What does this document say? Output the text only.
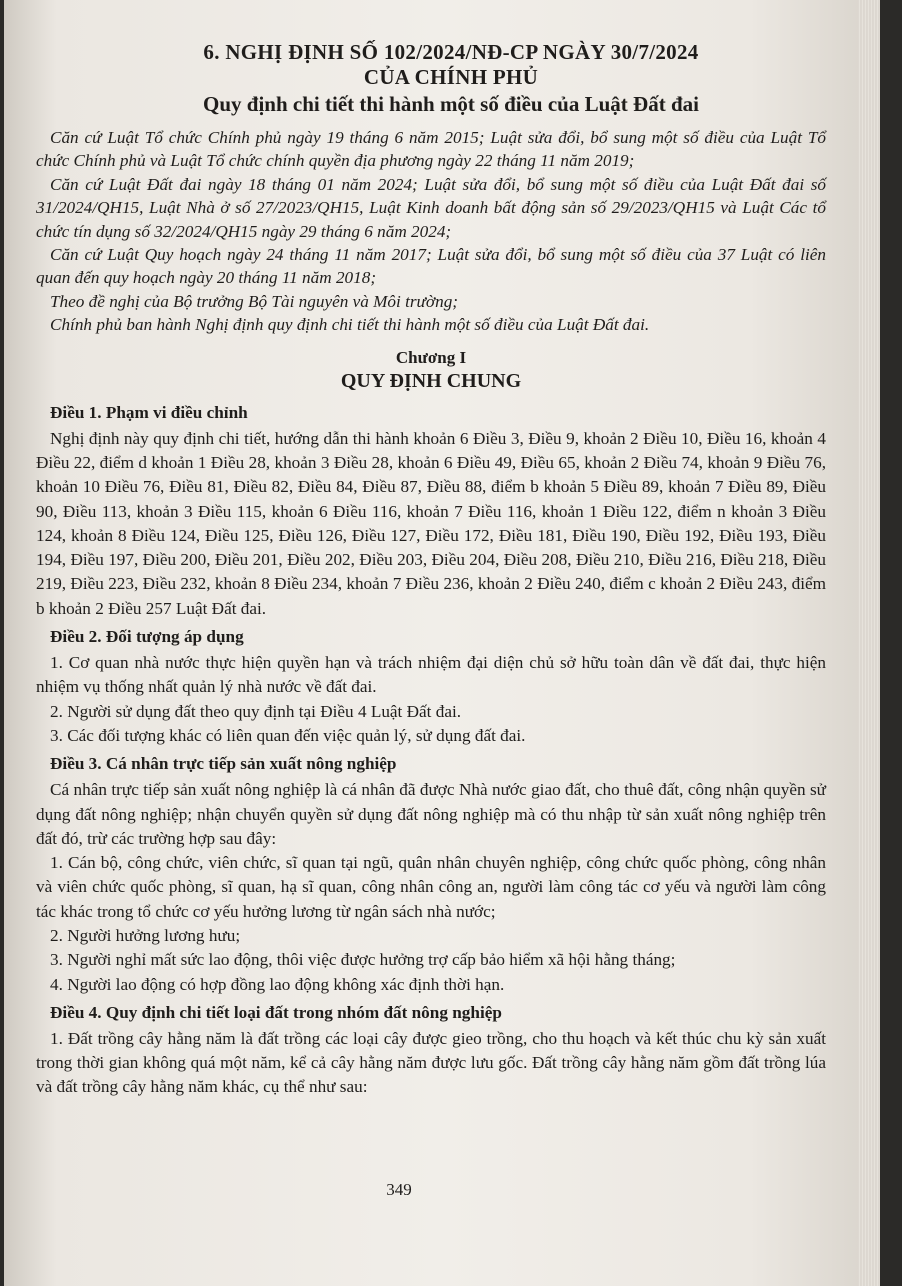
6. NGHỊ ĐỊNH SỐ 102/2024/NĐ-CP NGÀY 30/7/2024
CỦA CHÍNH PHỦ
Quy định chi tiết thi hành một số điều của Luật Đất đai

Căn cứ Luật Tổ chức Chính phủ ngày 19 tháng 6 năm 2015; Luật sửa đổi, bổ sung một số điều của Luật Tổ chức Chính phủ và Luật Tổ chức chính quyền địa phương ngày 22 tháng 11 năm 2019;

Căn cứ Luật Đất đai ngày 18 tháng 01 năm 2024; Luật sửa đổi, bổ sung một số điều của Luật Đất đai số 31/2024/QH15, Luật Nhà ở số 27/2023/QH15, Luật Kinh doanh bất động sản số 29/2023/QH15 và Luật Các tổ chức tín dụng số 32/2024/QH15 ngày 29 tháng 6 năm 2024;

Căn cứ Luật Quy hoạch ngày 24 tháng 11 năm 2017; Luật sửa đổi, bổ sung một số điều của 37 Luật có liên quan đến quy hoạch ngày 20 tháng 11 năm 2018;

Theo đề nghị của Bộ trưởng Bộ Tài nguyên và Môi trường;

Chính phủ ban hành Nghị định quy định chi tiết thi hành một số điều của Luật Đất đai.

Chương I
QUY ĐỊNH CHUNG
Điều 1. Phạm vi điều chỉnh

Nghị định này quy định chi tiết, hướng dẫn thi hành khoản 6 Điều 3, Điều 9, khoản 2 Điều 10, Điều 16, khoản 4 Điều 22, điểm d khoản 1 Điều 28, khoản 3 Điều 28, khoản 6 Điều 49, Điều 65, khoản 2 Điều 74, khoản 9 Điều 76, khoản 10 Điều 76, Điều 81, Điều 82, Điều 84, Điều 87, Điều 88, điểm b khoản 5 Điều 89, khoản 7 Điều 89, Điều 90, Điều 113, khoản 3 Điều 115, khoản 6 Điều 116, khoản 7 Điều 116, khoản 1 Điều 122, điểm n khoản 3 Điều 124, khoản 8 Điều 124, Điều 125, Điều 126, Điều 127, Điều 172, Điều 181, Điều 190, Điều 192, Điều 193, Điều 194, Điều 197, Điều 200, Điều 201, Điều 202, Điều 203, Điều 204, Điều 208, Điều 210, Điều 216, Điều 218, Điều 219, Điều 223, Điều 232, khoản 8 Điều 234, khoản 7 Điều 236, khoản 2 Điều 240, điểm c khoản 2 Điều 243, điểm b khoản 2 Điều 257 Luật Đất đai.

Điều 2. Đối tượng áp dụng

1. Cơ quan nhà nước thực hiện quyền hạn và trách nhiệm đại diện chủ sở hữu toàn dân về đất đai, thực hiện nhiệm vụ thống nhất quản lý nhà nước về đất đai.

2. Người sử dụng đất theo quy định tại Điều 4 Luật Đất đai.

3. Các đối tượng khác có liên quan đến việc quản lý, sử dụng đất đai.

Điều 3. Cá nhân trực tiếp sản xuất nông nghiệp

Cá nhân trực tiếp sản xuất nông nghiệp là cá nhân đã được Nhà nước giao đất, cho thuê đất, công nhận quyền sử dụng đất nông nghiệp; nhận chuyển quyền sử dụng đất nông nghiệp mà có thu nhập từ sản xuất nông nghiệp trên đất đó, trừ các trường hợp sau đây:

1. Cán bộ, công chức, viên chức, sĩ quan tại ngũ, quân nhân chuyên nghiệp, công chức quốc phòng, công nhân và viên chức quốc phòng, sĩ quan, hạ sĩ quan, công nhân công an, người làm công tác cơ yếu và người làm công tác khác trong tổ chức cơ yếu hưởng lương từ ngân sách nhà nước;

2. Người hưởng lương hưu;

3. Người nghỉ mất sức lao động, thôi việc được hưởng trợ cấp bảo hiểm xã hội hằng tháng;

4. Người lao động có hợp đồng lao động không xác định thời hạn.

Điều 4. Quy định chi tiết loại đất trong nhóm đất nông nghiệp

1. Đất trồng cây hằng năm là đất trồng các loại cây được gieo trồng, cho thu hoạch và kết thúc chu kỳ sản xuất trong thời gian không quá một năm, kể cả cây hằng năm được lưu gốc. Đất trồng cây hằng năm gồm đất trồng lúa và đất trồng cây hằng năm khác, cụ thể như sau:

349
